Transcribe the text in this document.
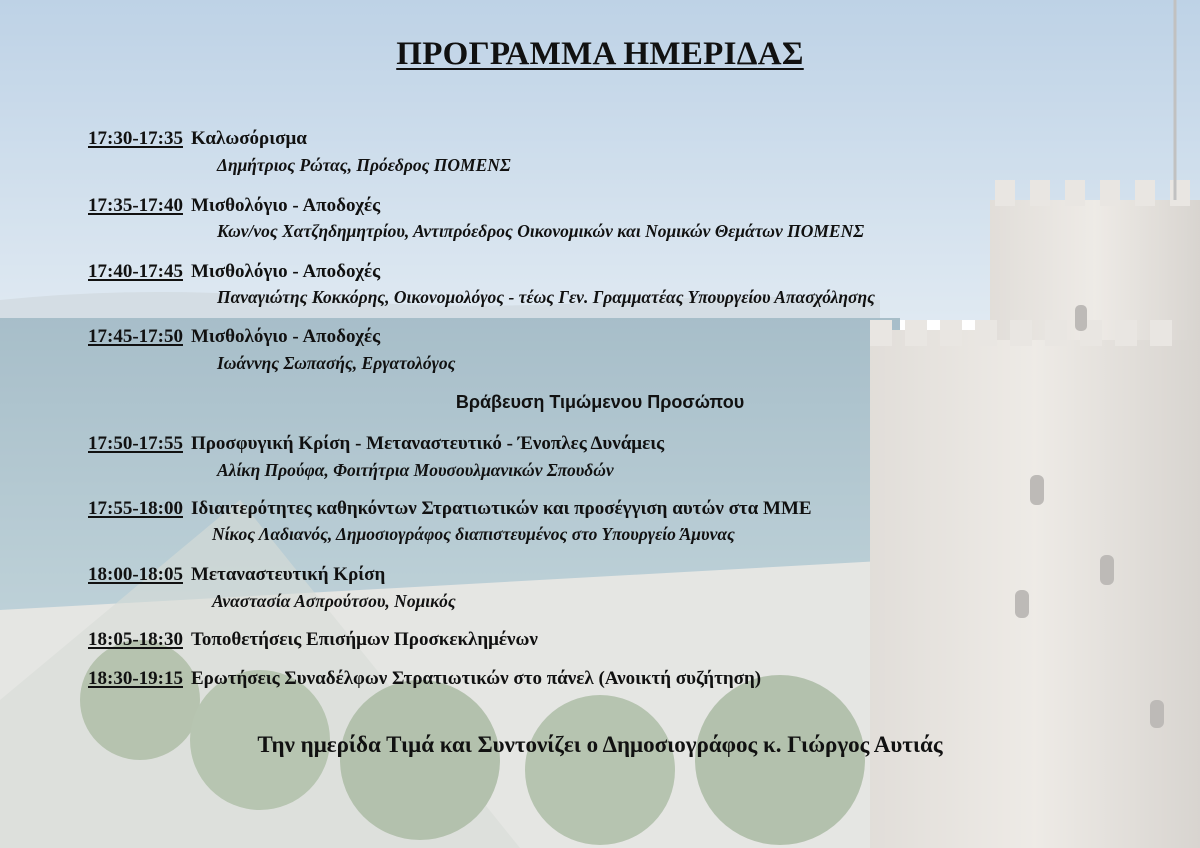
ΠΡΟΓΡΑΜΜΑ ΗΜΕΡΙΔΑΣ
17:30-17:35 Καλωσόρισμα
Δημήτριος Ρώτας, Πρόεδρος ΠΟΜΕΝΣ
17:35-17:40 Μισθολόγιο - Αποδοχές
Κων/νος Χατζηδημητρίου, Αντιπρόεδρος Οικονομικών και Νομικών Θεμάτων ΠΟΜΕΝΣ
17:40-17:45 Μισθολόγιο - Αποδοχές
Παναγιώτης Κοκκόρης, Οικονομολόγος - τέως Γεν. Γραμματέας Υπουργείου Απασχόλησης
17:45-17:50 Μισθολόγιο - Αποδοχές
Ιωάννης Σωπασής, Εργατολόγος
Βράβευση Τιμώμενου Προσώπου
17:50-17:55 Προσφυγική Κρίση - Μεταναστευτικό - Ένοπλες Δυνάμεις
Αλίκη Προύφα, Φοιτήτρια Μουσουλμανικών Σπουδών
17:55-18:00 Ιδιαιτερότητες καθηκόντων Στρατιωτικών και προσέγγιση αυτών στα ΜΜΕ
Νίκος Λαδιανός, Δημοσιογράφος διαπιστευμένος στο Υπουργείο Άμυνας
18:00-18:05 Μεταναστευτική Κρίση
Αναστασία Ασπρούτσου, Νομικός
18:05-18:30 Τοποθετήσεις Επισήμων Προσκεκλημένων
18:30-19:15 Ερωτήσεις Συναδέλφων Στρατιωτικών στο πάνελ (Ανοικτή συζήτηση)
Την ημερίδα Τιμά και Συντονίζει ο Δημοσιογράφος κ. Γιώργος Αυτιάς
